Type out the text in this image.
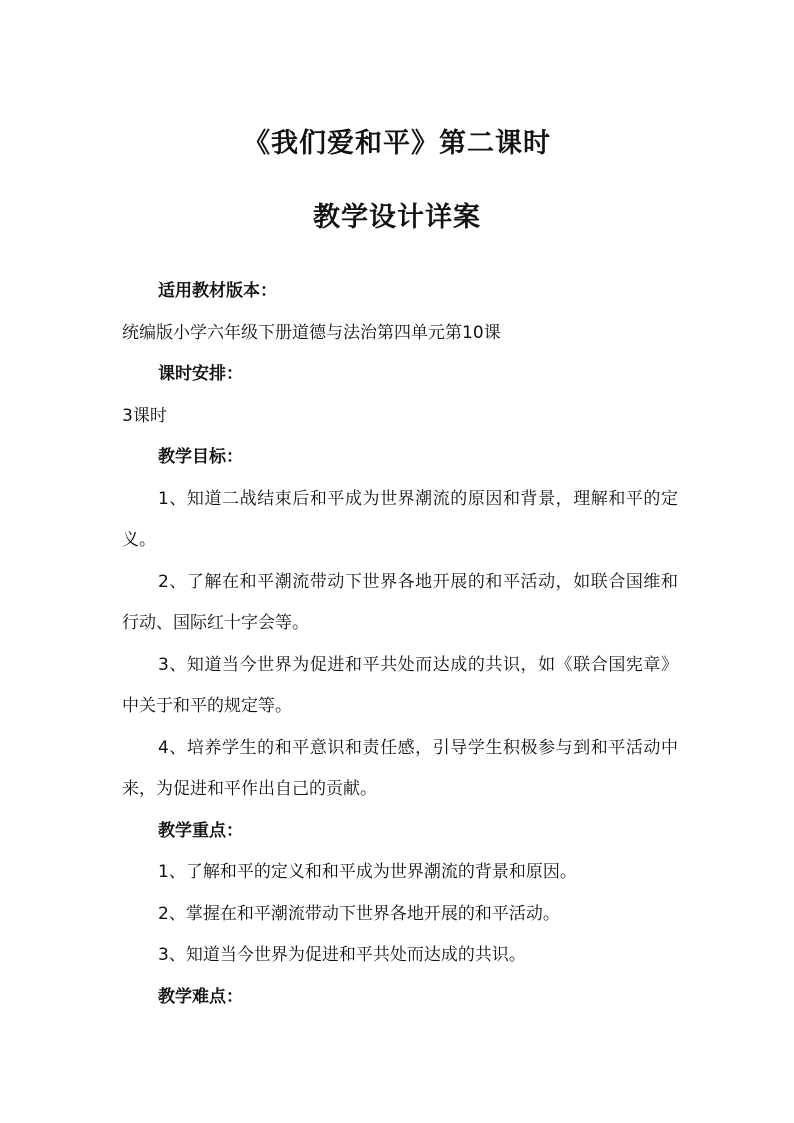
《我们爱和平》第二课时
教学设计详案

适用教材版本：

统编版小学六年级下册道德与法治第四单元第10课

课时安排：

3课时

教学目标：

1、知道二战结束后和平成为世界潮流的原因和背景，理解和平的定义。

2、了解在和平潮流带动下世界各地开展的和平活动，如联合国维和行动、国际红十字会等。

3、知道当今世界为促进和平共处而达成的共识，如《联合国宪章》中关于和平的规定等。

4、培养学生的和平意识和责任感，引导学生积极参与到和平活动中来，为促进和平作出自己的贡献。

教学重点：

1、了解和平的定义和和平成为世界潮流的背景和原因。

2、掌握在和平潮流带动下世界各地开展的和平活动。

3、知道当今世界为促进和平共处而达成的共识。

教学难点：
